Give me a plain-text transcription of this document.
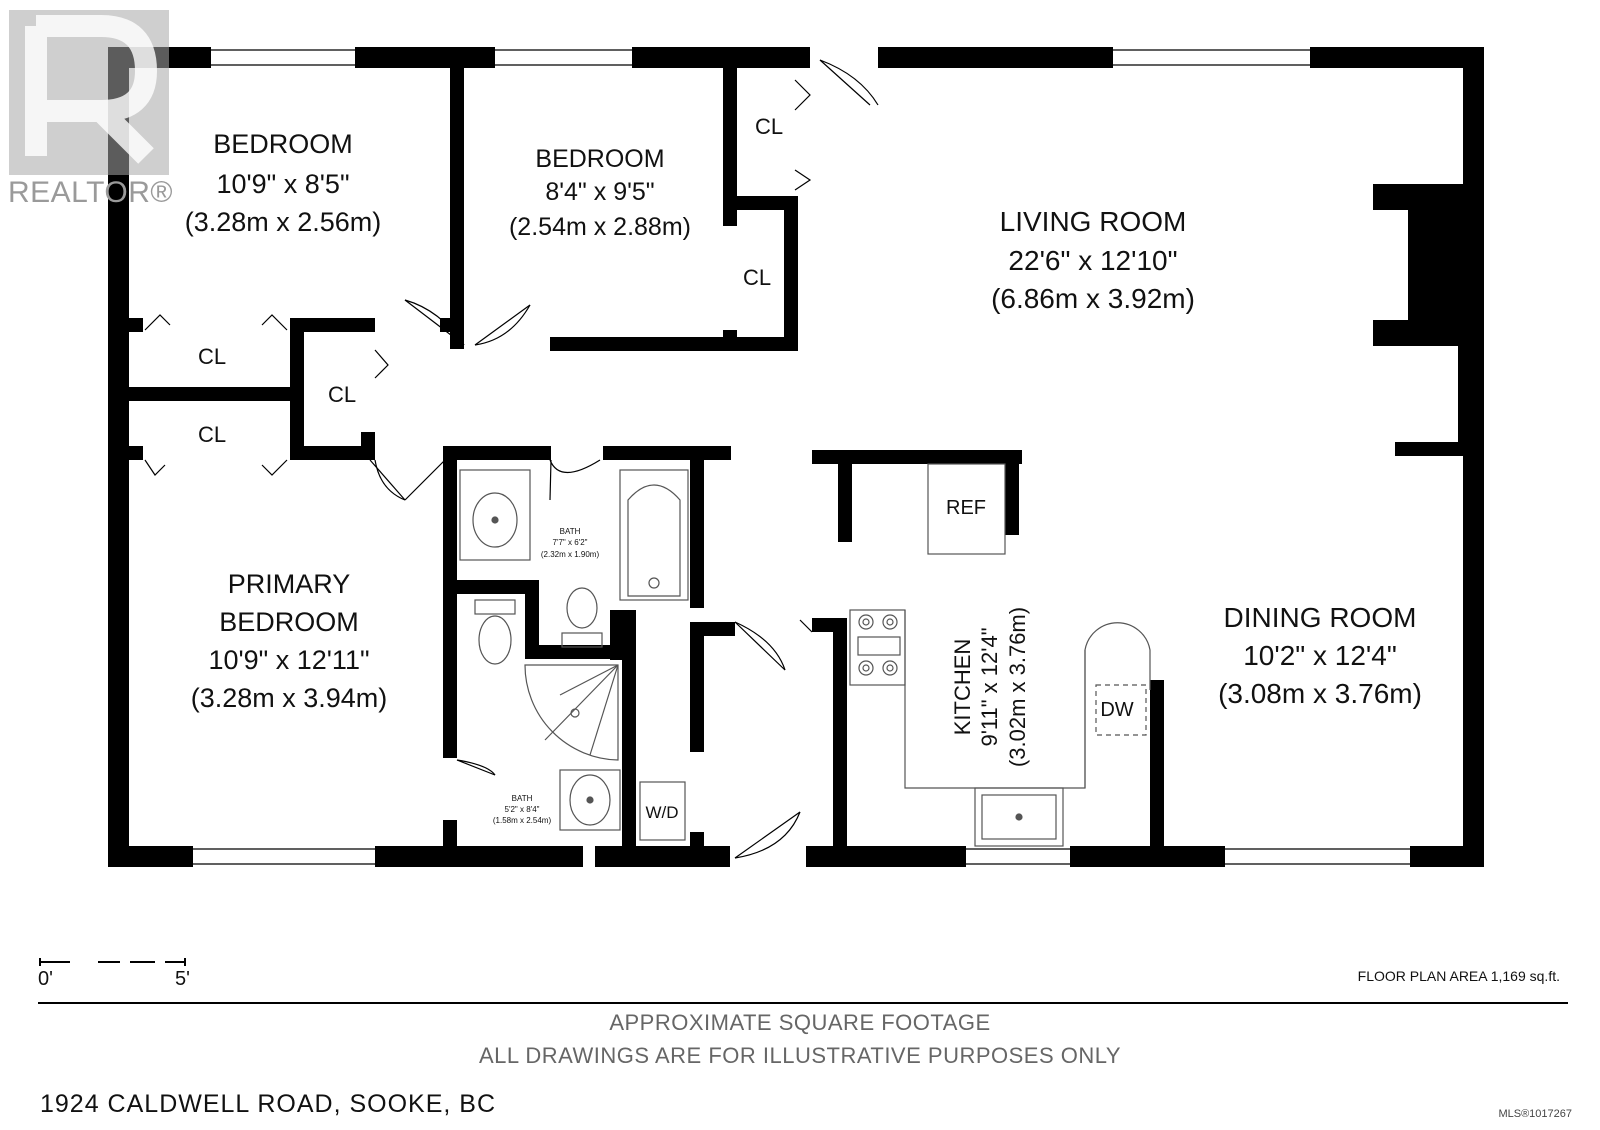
BEDROOM
10'9" x 8'5"
(3.28m x 2.56m)
BEDROOM
8'4" x 9'5"
(2.54m x 2.88m)	LIVING ROOM
22'6" x 12'10"
(6.86m x 3.92m)
PRIMARY
BEDROOM
10'9" x 12'11"
(3.28m x 3.94m)
DINING ROOM
10'2" x 12'4"
(3.08m x 3.76m)
KITCHEN 9'11" x 12'4" (3.02m x 3.76m)
BATH
7'7" x 6'2"
(2.32m x 1.90m)
BATH
5'2" x 8'4"
(1.58m x 2.54m)
CL
CL
CL
CL
CL
REF
DW
W/D
REALTOR®
0'	5'	FLOOR PLAN AREA 1,169 sq.ft.
APPROXIMATE SQUARE FOOTAGE
ALL DRAWINGS ARE FOR ILLUSTRATIVE PURPOSES ONLY
1924 CALDWELL ROAD, SOOKE, BC	MLS®1017267
